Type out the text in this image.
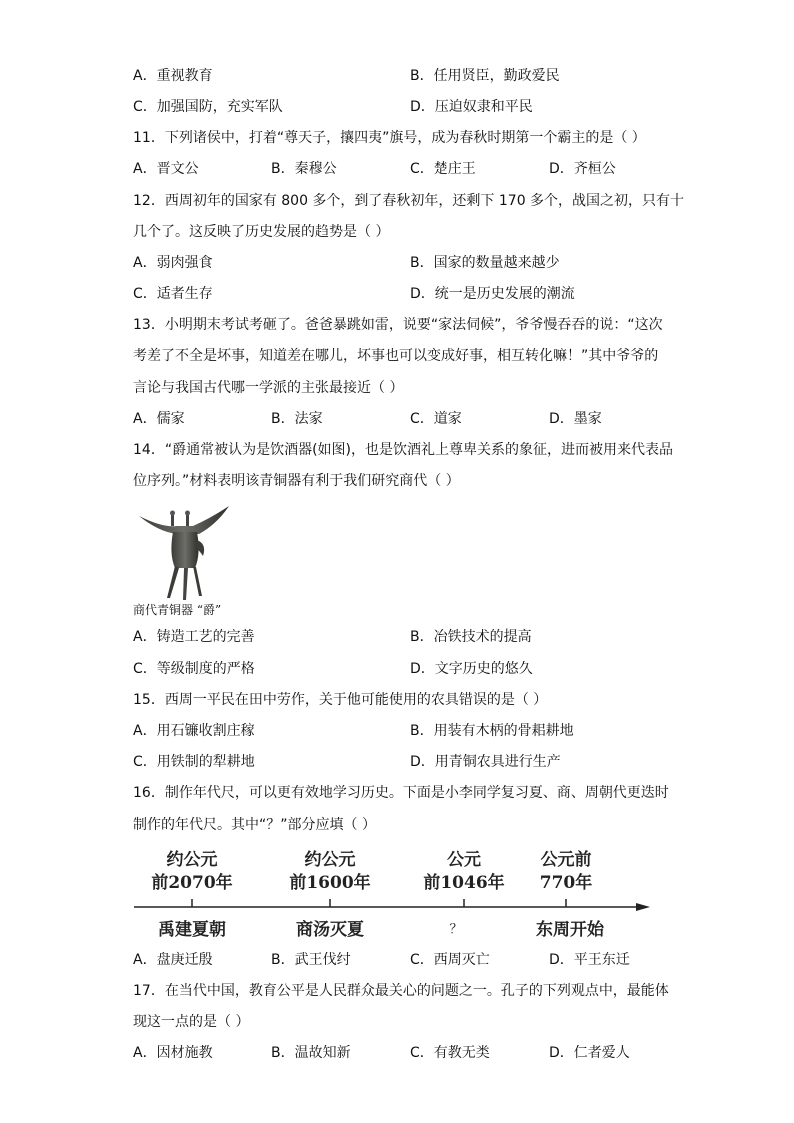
A．重视教育	B．任用贤臣，勤政爱民
C．加强国防，充实军队	D．压迫奴隶和平民
11．下列诸侯中，打着“尊天子，攘四夷”旗号，成为春秋时期第一个霸主的是（ ）
A．晋文公	B．秦穆公	C．楚庄王	D．齐桓公
12．西周初年的国家有 800 多个，到了春秋初年，还剩下 170 多个，战国之初，只有十
几个了。这反映了历史发展的趋势是（ ）
A．弱肉强食	B．国家的数量越来越少
C．适者生存	D．统一是历史发展的潮流
13．小明期末考试考砸了。爸爸暴跳如雷，说要“家法伺候”，爷爷慢吞吞的说：“这次
考差了不全是坏事，知道差在哪儿，坏事也可以变成好事，相互转化嘛！”其中爷爷的
言论与我国古代哪一学派的主张最接近（ ）
A．儒家	B．法家	C．道家	D．墨家
14．“爵通常被认为是饮酒器(如图)，也是饮酒礼上尊卑关系的象征，进而被用来代表品
位序列。”材料表明该青铜器有利于我们研究商代（ ）
商代青铜器 “爵”
A．铸造工艺的完善	B．冶铁技术的提高
C．等级制度的严格	D．文字历史的悠久
15．西周一平民在田中劳作，关于他可能使用的农具错误的是（ ）
A．用石镰收割庄稼	B．用装有木柄的骨耜耕地
C．用铁制的犁耕地	D．用青铜农具进行生产
16．制作年代尺，可以更有效地学习历史。下面是小李同学复习夏、商、周朝代更迭时
制作的年代尺。其中“？”部分应填（ ）
约公元	约公元	公元	公元前
前2070年	前1600年	前1046年 770年
禹建夏朝	商汤灭夏	？	东周开始
A．盘庚迁殷	B．武王伐纣	C．西周灭亡	D．平王东迁
17．在当代中国，教育公平是人民群众最关心的问题之一。孔子的下列观点中，最能体
现这一点的是（ ）
A．因材施教	B．温故知新	C．有教无类	D．仁者爱人
